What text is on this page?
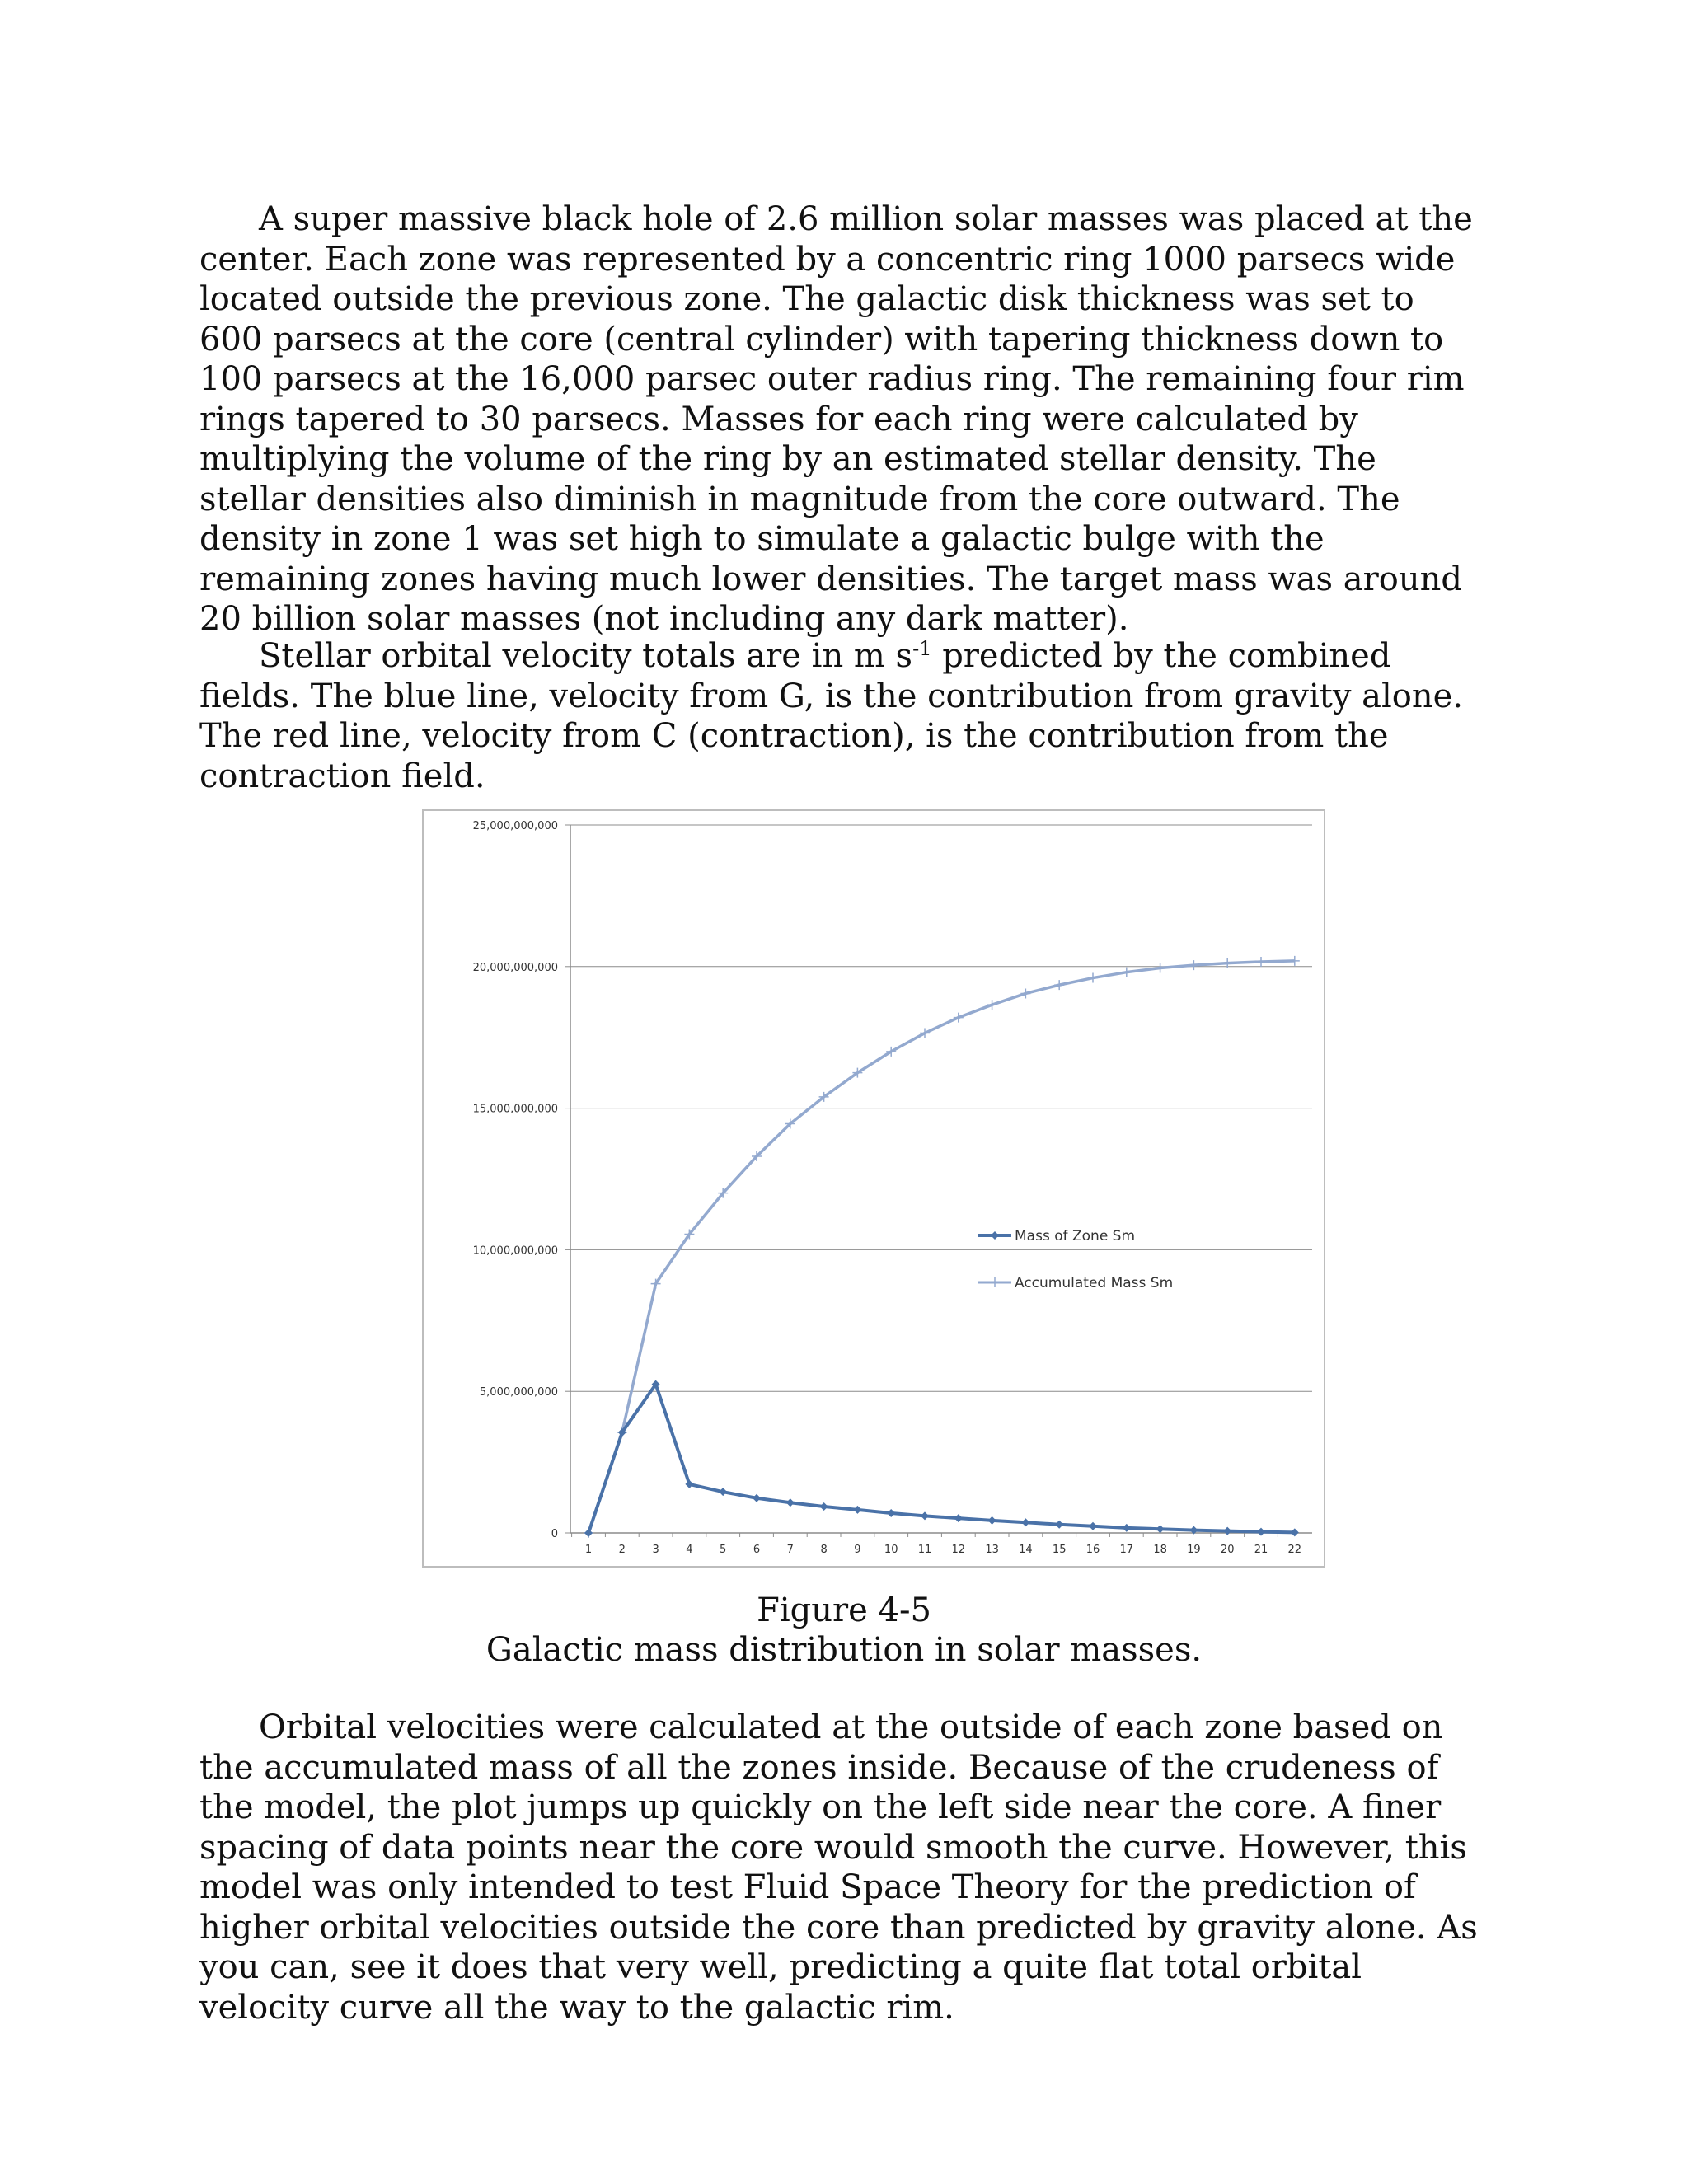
A super massive black hole of 2.6 million solar masses was placed at the center. Each zone was represented by a concentric ring 1000 parsecs wide located outside the previous zone. The galactic disk thickness was set to 600 parsecs at the core (central cylinder) with tapering thickness down to 100 parsecs at the 16,000 parsec outer radius ring. The remaining four rim rings tapered to 30 parsecs. Masses for each ring were calculated by multiplying the volume of the ring by an estimated stellar density. The stellar densities also diminish in magnitude from the core outward. The density in zone 1 was set high to simulate a galactic bulge with the remaining zones having much lower densities. The target mass was around 20 billion solar masses (not including any dark matter).

Stellar orbital velocity totals are in m $s^{-1}$ predicted by the combined fields. The blue line, velocity from G, is the contribution from gravity alone. The red line, velocity from C (contraction), is the contribution from the contraction field.

0
5,000,000,000
10,000,000,000
15,000,000,000
20,000,000,000
25,000,000,000
1	2	3	4	5	6	7	8	9 10 11 12 13 14 15 16 17 18 19 20 21 22
Mass of Zone Sm
Accumulated Mass Sm
Figure 4-5
Galactic mass distribution in solar masses.

Orbital velocities were calculated at the outside of each zone based on the accumulated mass of all the zones inside. Because of the crudeness of the model, the plot jumps up quickly on the left side near the core. A finer spacing of data points near the core would smooth the curve. However, this model was only intended to test Fluid Space Theory for the prediction of higher orbital velocities outside the core than predicted by gravity alone. As you can, see it does that very well, predicting a quite flat total orbital velocity curve all the way to the galactic rim.
